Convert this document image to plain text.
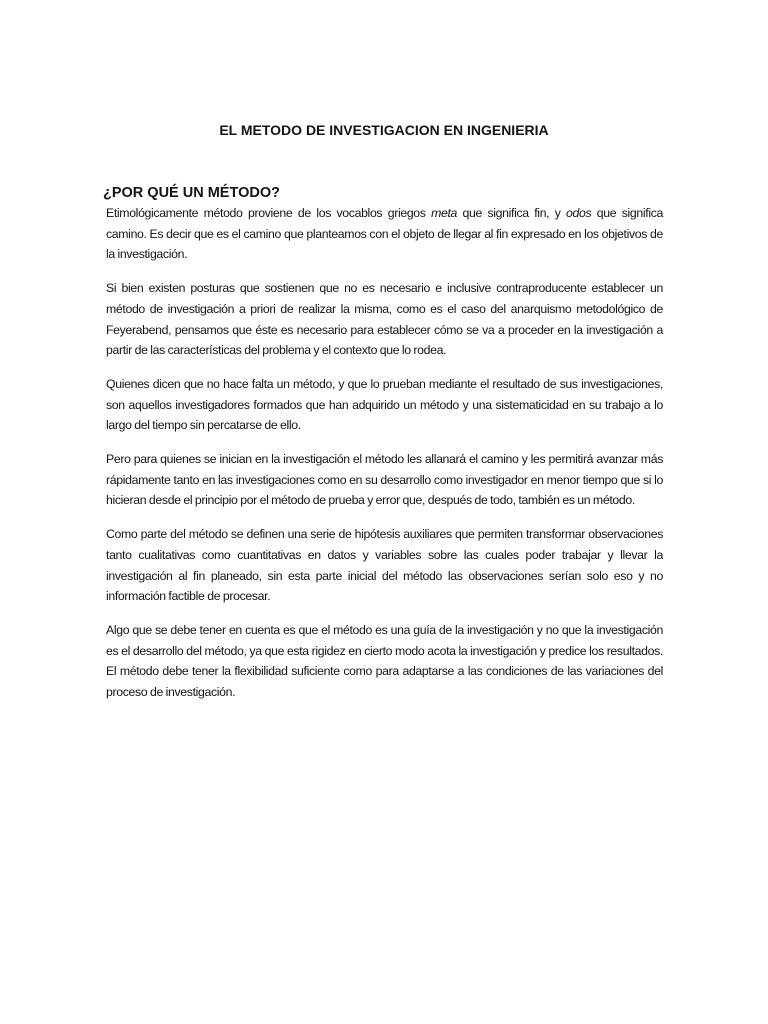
EL METODO DE INVESTIGACION EN INGENIERIA
¿POR QUÉ UN MÉTODO?

Etimológicamente método proviene de los vocablos griegos meta que significa fin, y odos que significa camino. Es decir que es el camino que planteamos con el objeto de llegar al fin expresado en los objetivos de la investigación.

Si bien existen posturas que sostienen que no es necesario e inclusive contraproducente establecer un método de investigación a priori de realizar la misma, como es el caso del anarquismo metodológico de Feyerabend, pensamos que éste es necesario para establecer cómo se va a proceder en la investigación a partir de las características del problema y el contexto que lo rodea.

Quienes dicen que no hace falta un método, y que lo prueban mediante el resultado de sus investigaciones, son aquellos investigadores formados que han adquirido un método y una sistematicidad en su trabajo a lo largo del tiempo sin percatarse de ello.

Pero para quienes se inician en la investigación el método les allanará el camino y les permitirá avanzar más rápidamente tanto en las investigaciones como en su desarrollo como investigador en menor tiempo que si lo hicieran desde el principio por el método de prueba y error que, después de todo, también es un método.

Como parte del método se definen una serie de hipótesis auxiliares que permiten transformar observaciones tanto cualitativas como cuantitativas en datos y variables sobre las cuales poder trabajar y llevar la investigación al fin planeado, sin esta parte inicial del método las observaciones serían solo eso y no información factible de procesar.

Algo que se debe tener en cuenta es que el método es una guía de la investigación y no que la investigación es el desarrollo del método, ya que esta rigidez en cierto modo acota la investigación y predice los resultados. El método debe tener la flexibilidad suficiente como para adaptarse a las condiciones de las variaciones del proceso de investigación.
